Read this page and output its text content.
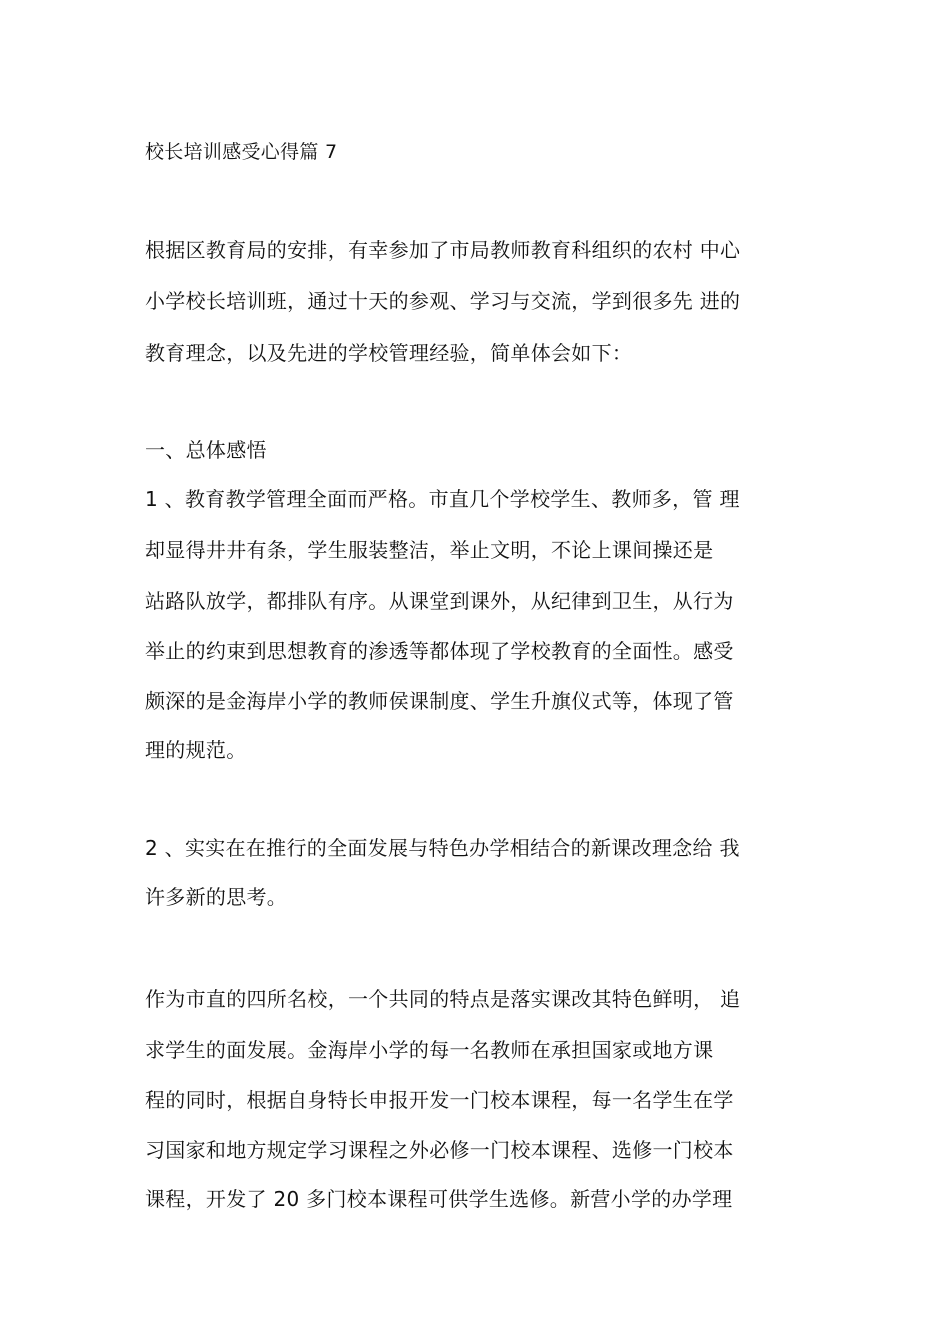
校长培训感受心得篇 7
根据区教育局的安排，有幸参加了市局教师教育科组织的农村 中心
小学校长培训班，通过十天的参观、学习与交流，学到很多先 进的
教育理念，以及先进的学校管理经验，简单体会如下：
一、总体感悟
1 、教育教学管理全面而严格。市直几个学校学生、教师多，管 理
却显得井井有条，学生服装整洁，举止文明，不论上课间操还是
站路队放学，都排队有序。从课堂到课外，从纪律到卫生，从行为
举止的约束到思想教育的渗透等都体现了学校教育的全面性。感受
颇深的是金海岸小学的教师侯课制度、学生升旗仪式等，体现了管
理的规范。
2 、实实在在推行的全面发展与特色办学相结合的新课改理念给 我
许多新的思考。
作为市直的四所名校，一个共同的特点是落实课改其特色鲜明， 追
求学生的面发展。金海岸小学的每一名教师在承担国家或地方课
程的同时，根据自身特长申报开发一门校本课程，每一名学生在学
习国家和地方规定学习课程之外必修一门校本课程、选修一门校本
课程，开发了 20 多门校本课程可供学生选修。新营小学的办学理
